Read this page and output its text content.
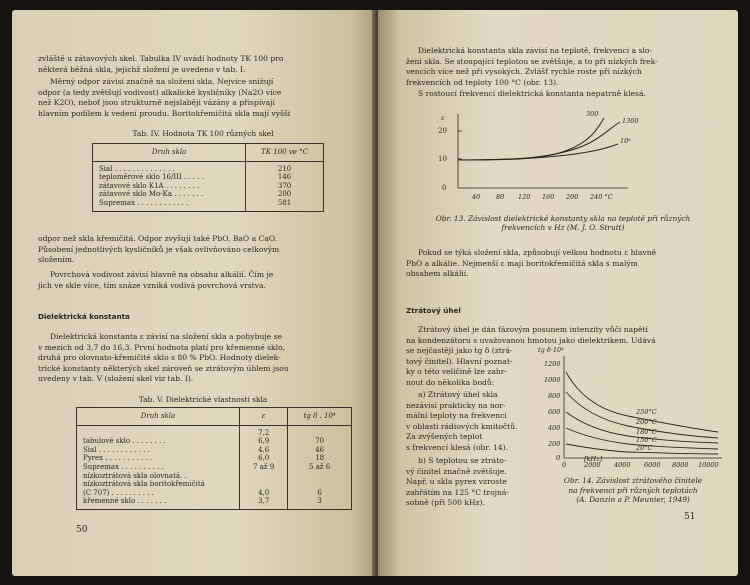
zvláště u zátavových skel. Tabulka IV uvádí hodnoty TK 100 pro
některá běžná skla, jejichž složení je uvedeno v tab. I.

Měrný odpor závisí značně na složení skla. Nejvíce snižují
odpor (a tedy zvětšují vodivost) alkalické kysličníky (Na2O více
než K2O), neboť jsou strukturně nejslaběji vázány a přispívají
hlavním podílem k vedení proudu. Boritokřemičitá skla mají vyšší

Tab. IV. Hodnota TK 100 různých skel

Druh skla	TK 100 ve °C
Sial . . . . . . . . . . . . . .	210
teploměrové sklo 16/III . . . . .	146
zátavové sklo K1A . . . . . . . .	370
zátavové sklo Mo-Ka . . . . . . .	200
Supremax . . . . . . . . . . . .	581

odpor než skla křemičitá. Odpor zvyšují také PbO, BaO a CaO.
Působení jednotlivých kysličníků je však ovlivňováno celkovým
složením.

Povrchová vodivost závisí hlavně na obsahu alkálií. Čím je
jich ve skle více, tím snáze vzniká vodivá povrchová vrstva.

Dielektrická konstanta

Dielektrická konstanta ε závisí na složení skla a pohybuje se
v mezích od 3,7 do 16,3. První hodnota platí pro křemenné sklo,
druhá pro olovnato-křemičité sklo s 80 % PbO. Hodnoty dielek-
trické konstanty některých skel zároveň se ztrátovým úhlem jsou
uvedeny v tab. V (složení skel viz tab. I).

Tab. V. Dielektrické vlastnosti skla

Druh skla	ε	tg δ . 10⁴
	7,2	
tabulové sklo . . . . . . . .	6,9	70
Sial . . . . . . . . . . . .	4,6	46
Pyrex . . . . . . . . . . .	6,0	18
Supremax . . . . . . . . . .	7 až 9	5 až 6
nízkoztrátová skla olovnatá. .		
nízkoztrátová skla boritokřemičitá		
(C 707) . . . . . . . . . .	4,0	6
křemenné sklo . . . . . . .	3,7	3

50

Dielektrická konstanta skla závisí na teplotě, frekvenci a slo-
žení skla. Se stoupající teplotou se zvětšuje, a to při nízkých frek-
vencích více než při vysokých. Zvlášť rychle roste při nízkých
frekvencích od teploty 100 °C (obr. 13).

S rostoucí frekvencí dielektrická konstanta nepatrně klesá.

ε
20
10
0
300
1300
10⁶
40 80 120 160 200 240 °C

Obr. 13. Závislost dielektrické konstanty skla na teplotě při různých
frekvencích v Hz (M. J. O. Strutt)

Pokud se týká složení skla, způsobují velkou hodnotu ε hlavně
PbO a alkálie. Nejmenší ε mají boritokřemičitá skla s malým
obsahem alkálií.

Ztrátový úhel

Ztrátový úhel je dán fázovým posunem intenzity vůči napětí
na kondenzátoru s uvažovanou hmotou jako dielektrikem. Udává
se nejčastěji jako tg δ (ztrá-
tový činitel). Hlavní poznat-
ky o této veličině lze zahr-
nout do několika bodů:

a) Ztrátový úhel skla
nezávisí prakticky na nor-
mální teploty na frekvenci
v oblasti rádiových kmitočtů.
Za zvýšených teplot
s frekvencí klesá (obr. 14).

b) S teplotou se ztráto-
vý činitel značně zvětšuje.
Např. u skla pyrex vzroste
zahřátím na 125 °C trojná-
sobně (při 500 kHz).

tg δ·10⁴
1200
1000
800
600
400
200
0
250°C
200°C
180°C
150°C
20°C
0	2000 4000 6000 8000 10000
[kHz]

Obr. 14. Závislost ztrátového činitele
na frekvenci při různých teplotách
(A. Danzin a P. Meunier, 1949)

51
